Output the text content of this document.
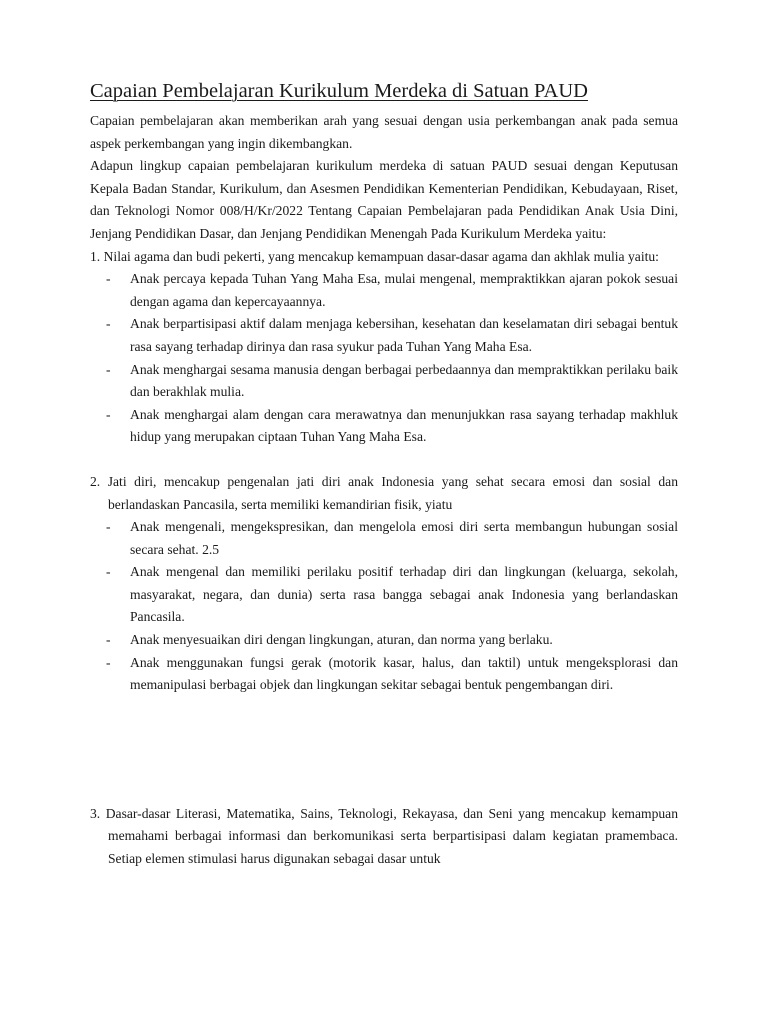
Capaian Pembelajaran Kurikulum Merdeka di Satuan PAUD

Capaian pembelajaran akan memberikan arah yang sesuai dengan usia perkembangan anak pada semua aspek perkembangan yang ingin dikembangkan.

Adapun lingkup capaian pembelajaran kurikulum merdeka di satuan PAUD sesuai dengan Keputusan Kepala Badan Standar, Kurikulum, dan Asesmen Pendidikan Kementerian Pendidikan, Kebudayaan, Riset, dan Teknologi Nomor 008/H/Kr/2022 Tentang Capaian Pembelajaran pada Pendidikan Anak Usia Dini, Jenjang Pendidikan Dasar, dan Jenjang Pendidikan Menengah Pada Kurikulum Merdeka yaitu:

1. Nilai agama dan budi pekerti, yang mencakup kemampuan dasar-dasar agama dan akhlak mulia yaitu:
- Anak percaya kepada Tuhan Yang Maha Esa, mulai mengenal, mempraktikkan ajaran pokok sesuai dengan agama dan kepercayaannya.
- Anak berpartisipasi aktif dalam menjaga kebersihan, kesehatan dan keselamatan diri sebagai bentuk rasa sayang terhadap dirinya dan rasa syukur pada Tuhan Yang Maha Esa.
- Anak menghargai sesama manusia dengan berbagai perbedaannya dan mempraktikkan perilaku baik dan berakhlak mulia.
- Anak menghargai alam dengan cara merawatnya dan menunjukkan rasa sayang terhadap makhluk hidup yang merupakan ciptaan Tuhan Yang Maha Esa.
2. Jati diri, mencakup pengenalan jati diri anak Indonesia yang sehat secara emosi dan sosial dan berlandaskan Pancasila, serta memiliki kemandirian fisik, yiatu
- Anak mengenali, mengekspresikan, dan mengelola emosi diri serta membangun hubungan sosial secara sehat. 2.5
- Anak mengenal dan memiliki perilaku positif terhadap diri dan lingkungan (keluarga, sekolah, masyarakat, negara, dan dunia) serta rasa bangga sebagai anak Indonesia yang berlandaskan Pancasila.
- Anak menyesuaikan diri dengan lingkungan, aturan, dan norma yang berlaku.
- Anak menggunakan fungsi gerak (motorik kasar, halus, dan taktil) untuk mengeksplorasi dan memanipulasi berbagai objek dan lingkungan sekitar sebagai bentuk pengembangan diri.
3. Dasar-dasar Literasi, Matematika, Sains, Teknologi, Rekayasa, dan Seni yang mencakup kemampuan memahami berbagai informasi dan berkomunikasi serta berpartisipasi dalam kegiatan pramembaca. Setiap elemen stimulasi harus digunakan sebagai dasar untuk
